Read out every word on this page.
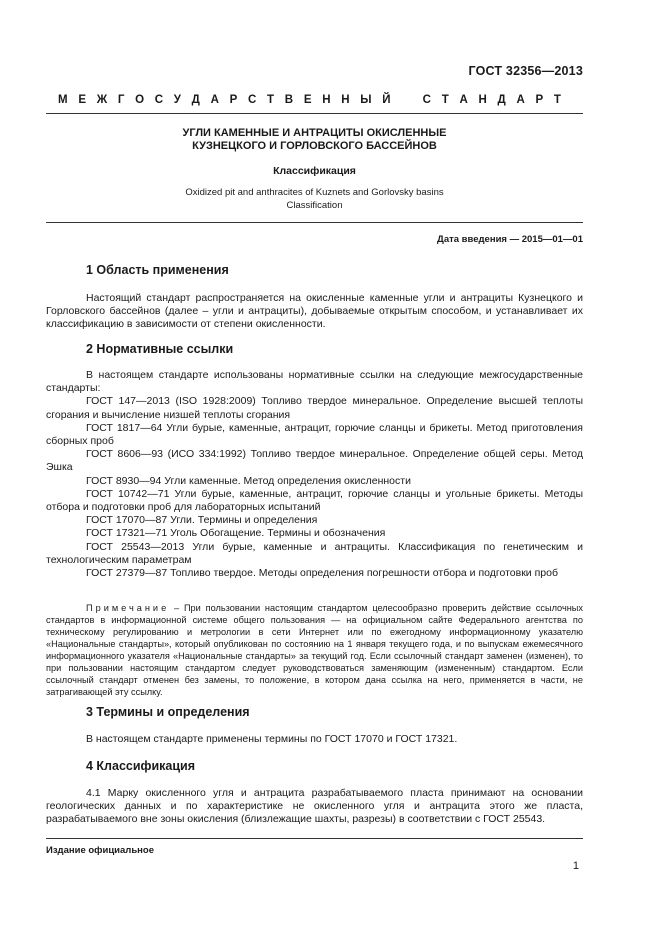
ГОСТ 32356—2013
М Е Ж Г О С У Д А Р С Т В Е Н Н Ы Й	С Т А Н Д А Р Т
УГЛИ КАМЕННЫЕ И АНТРАЦИТЫ ОКИСЛЕННЫЕ
КУЗНЕЦКОГО И ГОРЛОВСКОГО БАССЕЙНОВ
Классификация
Oxidized pit and anthracites of Kuznets and Gorlovsky basins
Classification
Дата введения — 2015—01—01
1 Область применения

Настоящий стандарт распространяется на окисленные каменные угли и антрациты Кузнецкого и Горловского бассейнов (далее – угли и антрациты), добываемые открытым способом, и устанавливает их классификацию в зависимости от степени окисленности.

2 Нормативные ссылки

В настоящем стандарте использованы нормативные ссылки на следующие межгосударственные стандарты:

ГОСТ 147—2013 (ISO 1928:2009) Топливо твердое минеральное. Определение высшей теплоты сгорания и вычисление низшей теплоты сгорания

ГОСТ 1817—64 Угли бурые, каменные, антрацит, горючие сланцы и брикеты. Метод приготовления сборных проб

ГОСТ 8606—93 (ИСО 334:1992) Топливо твердое минеральное. Определение общей серы. Метод Эшка

ГОСТ 8930—94 Угли каменные. Метод определения окисленности

ГОСТ 10742—71 Угли бурые, каменные, антрацит, горючие сланцы и угольные брикеты. Методы отбора и подготовки проб для лабораторных испытаний

ГОСТ 17070—87 Угли. Термины и определения

ГОСТ 17321—71 Уголь Обогащение. Термины и обозначения

ГОСТ 25543—2013 Угли бурые, каменные и антрациты. Классификация по генетическим и технологическим параметрам

ГОСТ 27379—87 Топливо твердое. Методы определения погрешности отбора и подготовки проб

Примечание – При пользовании настоящим стандартом целесообразно проверить действие ссылочных стандартов в информационной системе общего пользования — на официальном сайте Федерального агентства по техническому регулированию и метрологии в сети Интернет или по ежегодному информационному указателю «Национальные стандарты», который опубликован по состоянию на 1 января текущего года, и по выпускам ежемесячного информационного указателя «Национальные стандарты» за текущий год. Если ссылочный стандарт заменен (изменен), то при пользовании настоящим стандартом следует руководствоваться заменяющим (измененным) стандартом. Если ссылочный стандарт отменен без замены, то положение, в котором дана ссылка на него, применяется в части, не затрагивающей эту ссылку.

3 Термины и определения

В настоящем стандарте применены термины по ГОСТ 17070 и ГОСТ 17321.

4 Классификация

4.1 Марку окисленного угля и антрацита разрабатываемого пласта принимают на основании геологических данных и по характеристике не окисленного угля и антрацита этого же пласта, разрабатываемого вне зоны окисления (близлежащие шахты, разрезы) в соответствии с ГОСТ 25543.

Издание официальное
1
